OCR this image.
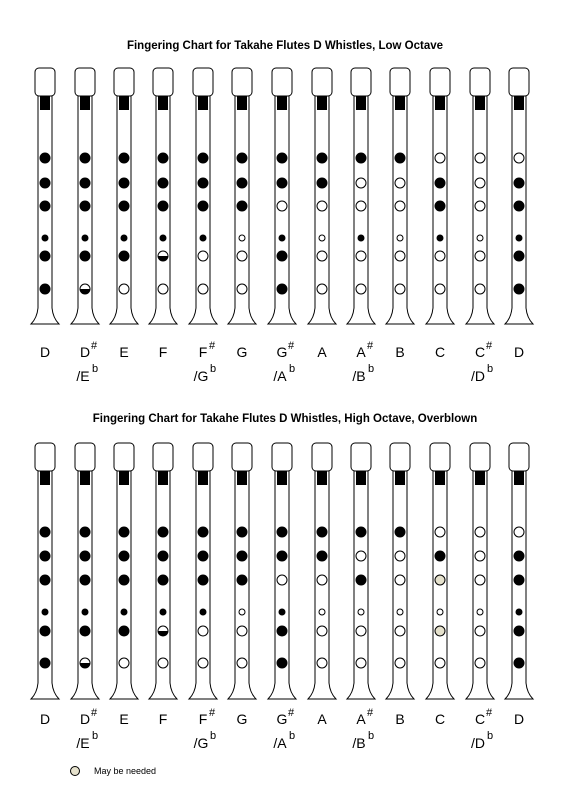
Fingering Chart for Takahe Flutes D Whistles, Low Octave
Fingering Chart for Takahe Flutes D Whistles, High Octave, Overblown
D D #
/E b
E F F #
/G b
G G #
/A b
A A #
/B b
B C C #
/D b
D
D D #
/E b
E F F #
/G b
G G #
/A b
A A #
/B b
B C C #
/D b
D
May be needed
